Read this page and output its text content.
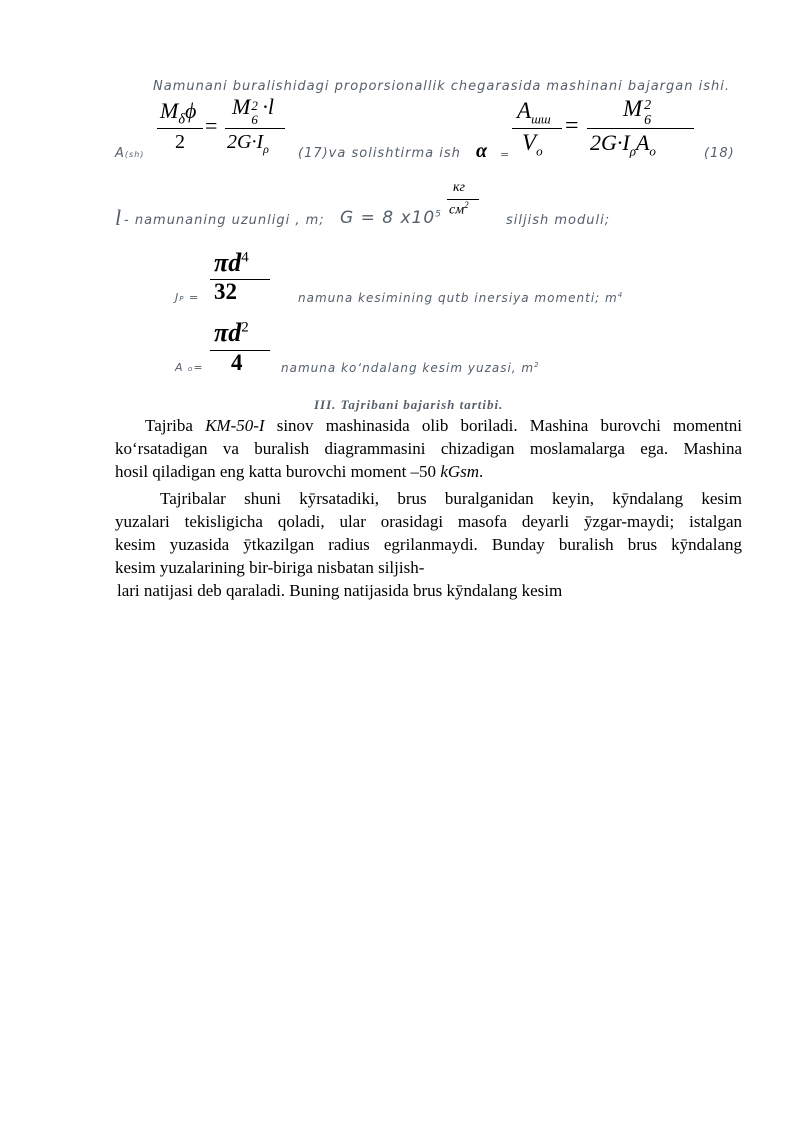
Namunani buralishidagi proporsionallik chegarasida mashinani bajargan ishi.
A(sh)
$M_\delta\phi$
2
=
M 2
6
·l
$2G\cdot I_\rho$ (17)va solishtirma ish α =
$A_{шш}$
$V_o$
=
M 2
6
$2G\cdot I_\rho A_o$	(18)
l - namunaning uzunligi , m; G = 8 $x10^5$
кг
$см^2$
siljish moduli;
JP =
$\pi d^4$
32	namuna kesimining qutb inersiya momenti; $m^4$
A o=
$\pi d^2$
4	namuna ko‘ndalang kesim yuzasi, $m^2$
III. Tajribani bajarish tartibi.
Tajriba KM-50-I sinov mashinasida olib boriladi. Mashina burovchi momentni
ko‘rsatadigan va buralish diagrammasini chizadigan moslamalarga ega. Mashina
hosil qiladigan eng katta burovchi moment –50 kGsm.
Tajribalar shuni kӯrsatadiki, brus buralganidan keyin, kӯndalang kesim
yuzalari tekisligicha qoladi, ular orasidagi masofa deyarli ӯzgar-maydi; istalgan
kesim yuzasida ӯtkazilgan radius egrilanmaydi. Bunday buralish brus kӯndalang
kesim yuzalarining bir-biriga nisbatan siljish-
lari natijasi deb qaraladi. Buning natijasida brus kӯndalang kesim
